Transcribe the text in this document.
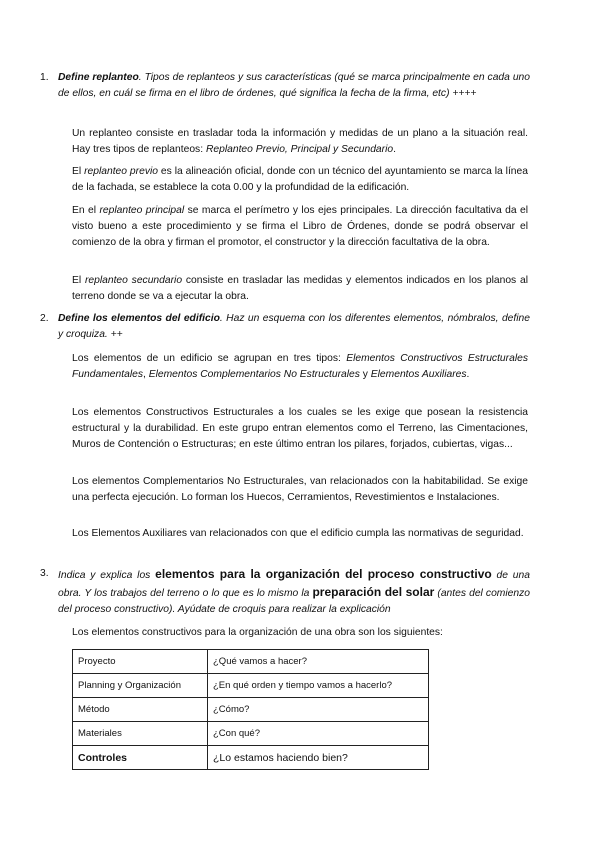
1. Define replanteo. Tipos de replanteos y sus características (qué se marca principalmente en cada uno de ellos, en cuál se firma en el libro de órdenes, qué significa la fecha de la firma, etc) ++++
Un replanteo consiste en trasladar toda la información y medidas de un plano a la situación real. Hay tres tipos de replanteos: Replanteo Previo, Principal y Secundario.
El replanteo previo es la alineación oficial, donde con un técnico del ayuntamiento se marca la línea de la fachada, se establece la cota 0.00 y la profundidad de la edificación.
En el replanteo principal se marca el perímetro y los ejes principales. La dirección facultativa da el visto bueno a este procedimiento y se firma el Libro de Órdenes, donde se podrá observar el comienzo de la obra y firman el promotor, el constructor y la dirección facultativa de la obra.
El replanteo secundario consiste en trasladar las medidas y elementos indicados en los planos al terreno donde se va a ejecutar la obra.
2. Define los elementos del edificio. Haz un esquema con los diferentes elementos, nómbralos, define y croquiza. ++
Los elementos de un edificio se agrupan en tres tipos: Elementos Constructivos Estructurales Fundamentales, Elementos Complementarios No Estructurales y Elementos Auxiliares.
Los elementos Constructivos Estructurales a los cuales se les exige que posean la resistencia estructural y la durabilidad. En este grupo entran elementos como el Terreno, las Cimentaciones, Muros de Contención o Estructuras; en este último entran los pilares, forjados, cubiertas, vigas...
Los elementos Complementarios No Estructurales, van relacionados con la habitabilidad. Se exige una perfecta ejecución. Lo forman los Huecos, Cerramientos, Revestimientos e Instalaciones.
Los Elementos Auxiliares van relacionados con que el edificio cumpla las normativas de seguridad.
3. Indica y explica los elementos para la organización del proceso constructivo de una obra. Y los trabajos del terreno o lo que es lo mismo la preparación del solar (antes del comienzo del proceso constructivo). Ayúdate de croquis para realizar la explicación
Los elementos constructivos para la organización de una obra son los siguientes:
Proyecto	¿Qué vamos a hacer?
Planning y Organización	¿En qué orden y tiempo vamos a hacerlo?
Método	¿Cómo?
Materiales	¿Con qué?
Controles	¿Lo estamos haciendo bien?
